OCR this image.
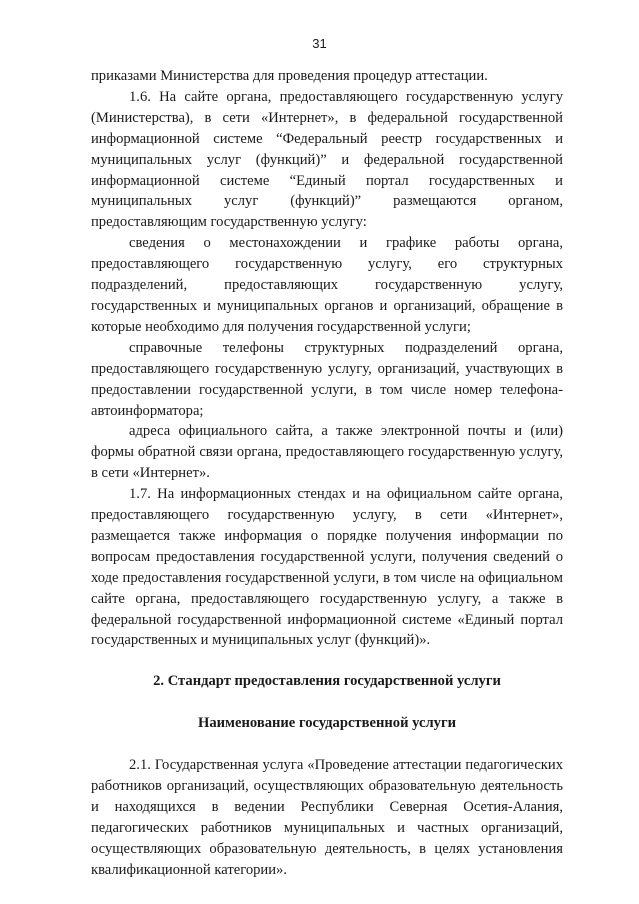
31

приказами Министерства для проведения процедур аттестации.

1.6. На сайте органа, предоставляющего государственную услугу (Министерства), в сети «Интернет», в федеральной государственной информационной системе “Федеральный реестр государственных и муниципальных услуг (функций)” и федеральной государственной информационной системе “Единый портал государственных и муниципальных услуг (функций)” размещаются органом, предоставляющим государственную услугу:

сведения о местонахождении и графике работы органа, предоставляющего государственную услугу, его структурных подразделений, предоставляющих государственную услугу, государственных и муниципальных органов и организаций, обращение в которые необходимо для получения государственной услуги;

справочные телефоны структурных подразделений органа, предоставляющего государственную услугу, организаций, участвующих в предоставлении государственной услуги, в том числе номер телефона-автоинформатора;

адреса официального сайта, а также электронной почты и (или) формы обратной связи органа, предоставляющего государственную услугу, в сети «Интернет».

1.7. На информационных стендах и на официальном сайте органа, предоставляющего государственную услугу, в сети «Интернет», размещается также информация о порядке получения информации по вопросам предоставления государственной услуги, получения сведений о ходе предоставления государственной услуги, в том числе на официальном сайте органа, предоставляющего государственную услугу, а также в федеральной государственной информационной системе «Единый портал государственных и муниципальных услуг (функций)».

2. Стандарт предоставления государственной услуги

Наименование государственной услуги

2.1. Государственная услуга «Проведение аттестации педагогических работников организаций, осуществляющих образовательную деятельность и находящихся в ведении Республики Северная Осетия-Алания, педагогических работников муниципальных и частных организаций, осуществляющих образовательную деятельность, в целях установления квалификационной категории».
